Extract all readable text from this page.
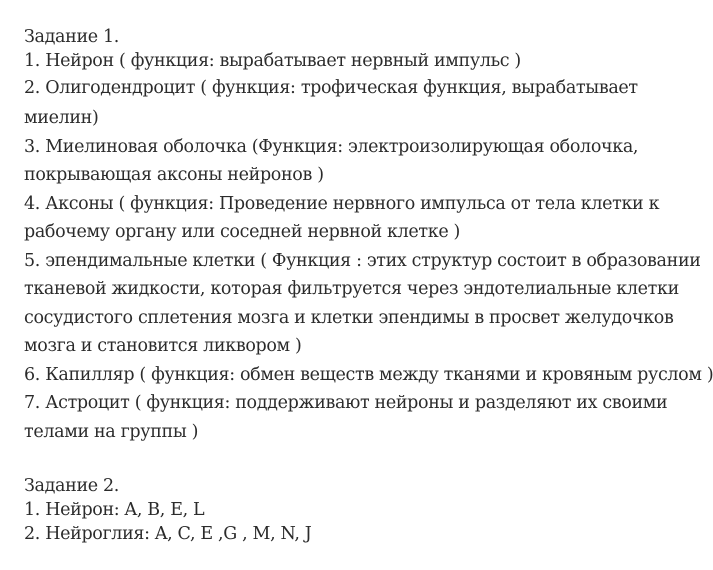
Задание 1.
1. Нейрон ( функция: вырабатывает нервный импульс )
2. Олигодендроцит ( функция: трофическая функция, вырабатывает
миелин)
3. Миелиновая оболочка (Функция: электроизолирующая оболочка,
покрывающая аксоны нейронов )
4. Аксоны ( функция: Проведение нервного импульса от тела клетки к
рабочему органу или соседней нервной клетке )
5. эпендимальные клетки ( Функция : этих структур состоит в образовании
тканевой жидкости, которая фильтруется через эндотелиальные клетки
сосудистого сплетения мозга и клетки эпендимы в просвет желудочков
мозга и становится ликвором )
6. Капилляр ( функция: обмен веществ между тканями и кровяным руслом )
7. Астроцит ( функция: поддерживают нейроны и разделяют их своими
телами на группы )
Задание 2.
1. Нейрон: A, B, E, L
2. Нейроглия: A, C, E ,G , M, N, J
